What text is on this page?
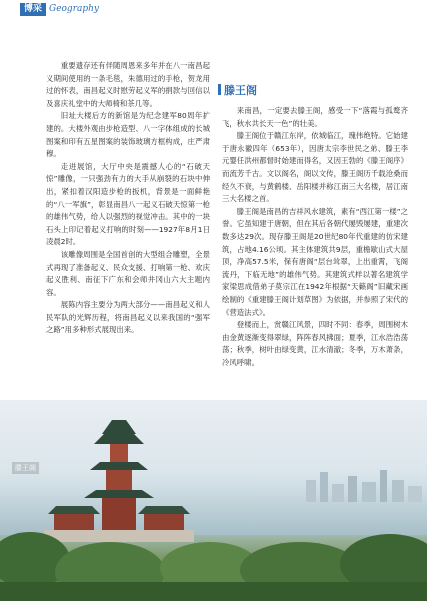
博采 Geography

重要遗存还有伴随周恩来多年并在八一南昌起义期间使用的一条毛毯，朱德用过的手枪，贺龙用过的怀表，南昌起义时慰劳起义军的捐款与回信以及喜庆礼堂中的大师椅和茶几等。

旧址大楼后方的新馆是为纪念建军80周年扩建的。大楼外观由步枪造型、八一字体组成的长城图案和印有五星图案的装饰玻璃方框构成，庄严肃穆。

走进展馆，大厅中央是震撼人心的“石破天惊”雕像，一只强劲有力的大手从崩裂的石块中伸出，紧扣着汉阳造步枪的扳机，背景是一面鲜艳的“八一军旗”，彰显南昌八一起义石破天惊第一枪的雄伟气势，给人以强烈的视觉冲击。其中的一块石头上印记着起义打响的时刻——1927年8月1日凌晨2时。

该雕像周围是全国首创的大型组合雕塑，全景式再现了准备起义、民众支援、打响第一枪、欢庆起义胜利、南征下广东和会师井冈山六大主题内容。

展陈内容主要分为两大部分——南昌起义和人民军队的光辉历程，将南昌起义以来我国的“强军之路”用多种形式展现出来。

滕王阁

来南昌，一定要去滕王阁，感受一下“落霞与孤鹜齐飞，秋水共长天一色”的壮美。

滕王阁位于赣江东岸，依城临江，瑰伟绝特。它始建于唐永徽四年（653年），因唐太宗李世民之弟、滕王李元婴任洪州都督时始建而得名，又因王勃的《滕王阁序》而流芳千古。文以阁名，阁以文传，滕王阁历千载沧桑而经久不衰，与黄鹤楼、岳阳楼并称江南三大名楼，居江南三大名楼之首。

滕王阁是南昌的吉祥风水建筑，素有“西江第一楼”之誉。它虽知建于唐朝，但在其后各朝代屡毁屡建，重建次数多达29次。现存滕王阁是20世纪80年代重建的仿宋建筑，占地4.16公顷。其主体建筑共9层，重檐歇山式大屋顶，净高57.5米，保有唐阁“层台耸翠，上出重霄，飞阁流丹，下临无地”的雄伟气势。其建筑式样以著名建筑学家梁思成借弟子莫宗江在1942年根据“天籁阁”旧藏宋画绘制的《重建滕王阁计划草图》为依据，并参照了宋代的《营造法式》。

登楼而上，赏赣江风景，四时不同：春季，周围树木由金黄逐渐变得翠绿，阵阵春风拂面；夏季，江水浩浩荡荡；秋季，树叶由绿变黄，江水清澈；冬季，万木萧条，冷风呼啸。

滕王阁
